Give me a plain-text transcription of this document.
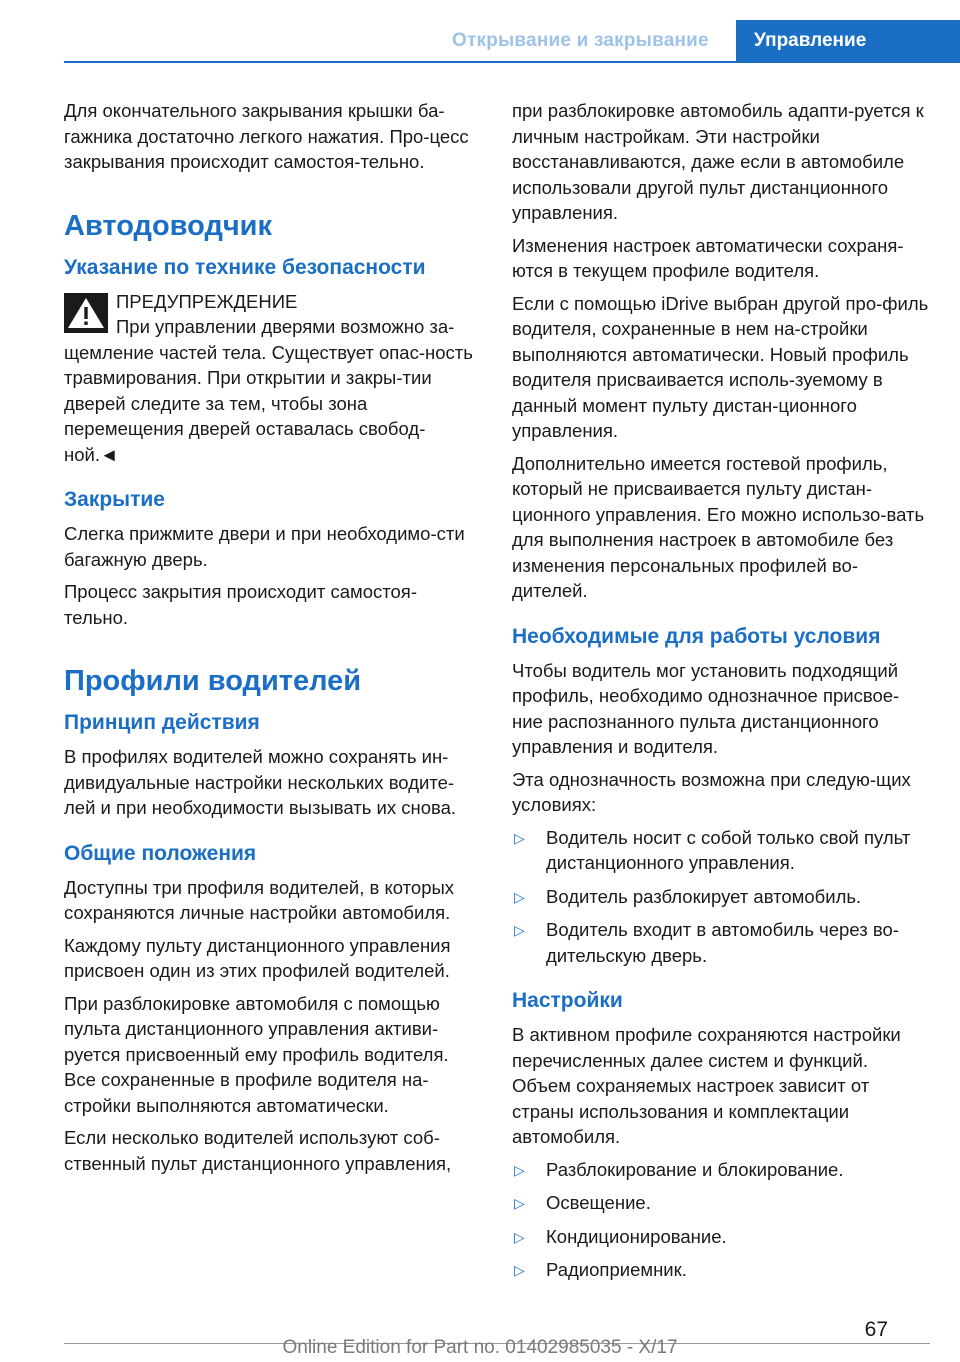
Открывание и закрывание	Управление

Для окончательного закрывания крышки ба-гажника достаточно легкого нажатия. Про-цесс закрывания происходит самостоя-тельно.

Автодоводчик
Указание по технике безопасности

ПРЕДУПРЕЖДЕНИЕ

При управлении дверями возможно за-щемление частей тела. Существует опас-ность травмирования. При открытии и закры-тии дверей следите за тем, чтобы зона перемещения дверей оставалась свобод-ной.◄

Закрытие

Слегка прижмите двери и при необходимо-сти багажную дверь.

Процесс закрытия происходит самостоя-тельно.

Профили водителей
Принцип действия

В профилях водителей можно сохранять ин-дивидуальные настройки нескольких водите-лей и при необходимости вызывать их снова.

Общие положения

Доступны три профиля водителей, в которых сохраняются личные настройки автомобиля.

Каждому пульту дистанционного управления присвоен один из этих профилей водителей.

При разблокировке автомобиля с помощью пульта дистанционного управления активи-руется присвоенный ему профиль водителя. Все сохраненные в профиле водителя на-стройки выполняются автоматически.

Если несколько водителей используют соб-ственный пульт дистанционного управления,

при разблокировке автомобиль адапти-руется к личным настройкам. Эти настройки восстанавливаются, даже если в автомобиле использовали другой пульт дистанционного управления.

Изменения настроек автоматически сохраня-ются в текущем профиле водителя.

Если с помощью iDrive выбран другой про-филь водителя, сохраненные в нем на-стройки выполняются автоматически. Новый профиль водителя присваивается исполь-зуемому в данный момент пульту дистан-ционного управления.

Дополнительно имеется гостевой профиль, который не присваивается пульту дистан-ционного управления. Его можно использо-вать для выполнения настроек в автомобиле без изменения персональных профилей во-дителей.

Необходимые для работы условия

Чтобы водитель мог установить подходящий профиль, необходимо однозначное присвое-ние распознанного пульта дистанционного управления и водителя.

Эта однозначность возможна при следую-щих условиях:

▷ Водитель носит с собой только свой пульт дистанционного управления.
▷ Водитель разблокирует автомобиль.
▷ Водитель входит в автомобиль через во-дительскую дверь.
Настройки

В активном профиле сохраняются настройки перечисленных далее систем и функций. Объем сохраняемых настроек зависит от страны использования и комплектации автомобиля.

▷ Разблокирование и блокирование.
▷ Освещение.
▷ Кондиционирование.
▷ Радиоприемник.
67
Online Edition for Part no. 01402985035 - X/17
